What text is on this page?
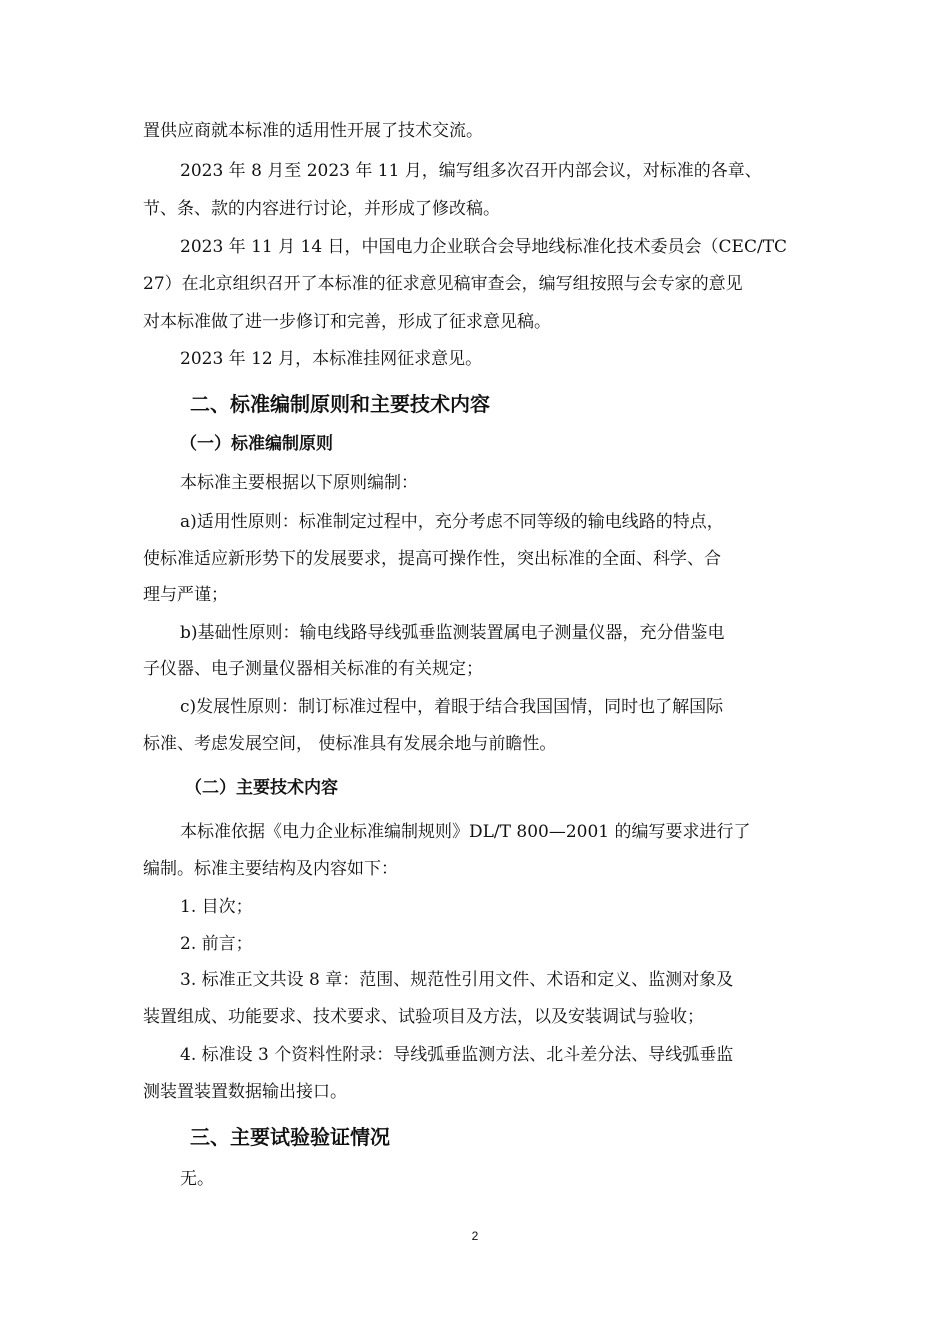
置供应商就本标准的适用性开展了技术交流。
2023 年 8 月至 2023 年 11 月，编写组多次召开内部会议，对标准的各章、
节、条、款的内容进行讨论，并形成了修改稿。
2023 年 11 月 14 日，中国电力企业联合会导地线标准化技术委员会（CEC/TC
27）在北京组织召开了本标准的征求意见稿审查会，编写组按照与会专家的意见
对本标准做了进一步修订和完善，形成了征求意见稿。
2023 年 12 月，本标准挂网征求意见。
二、标准编制原则和主要技术内容
（一）标准编制原则
本标准主要根据以下原则编制：
a)适用性原则：标准制定过程中，充分考虑不同等级的输电线路的特点，
使标准适应新形势下的发展要求，提高可操作性，突出标准的全面、科学、合
理与严谨；
b)基础性原则：输电线路导线弧垂监测装置属电子测量仪器，充分借鉴电
子仪器、电子测量仪器相关标准的有关规定；
c)发展性原则：制订标准过程中，着眼于结合我国国情，同时也了解国际
标准、考虑发展空间， 使标准具有发展余地与前瞻性。
（二）主要技术内容
本标准依据《电力企业标准编制规则》DL/T 800—2001 的编写要求进行了
编制。标准主要结构及内容如下：
1. 目次；
2. 前言；
3. 标准正文共设 8 章：范围、规范性引用文件、术语和定义、监测对象及
装置组成、功能要求、技术要求、试验项目及方法，以及安装调试与验收；
4. 标准设 3 个资料性附录：导线弧垂监测方法、北斗差分法、导线弧垂监
测装置装置数据输出接口。
三、主要试验验证情况
无。
2
